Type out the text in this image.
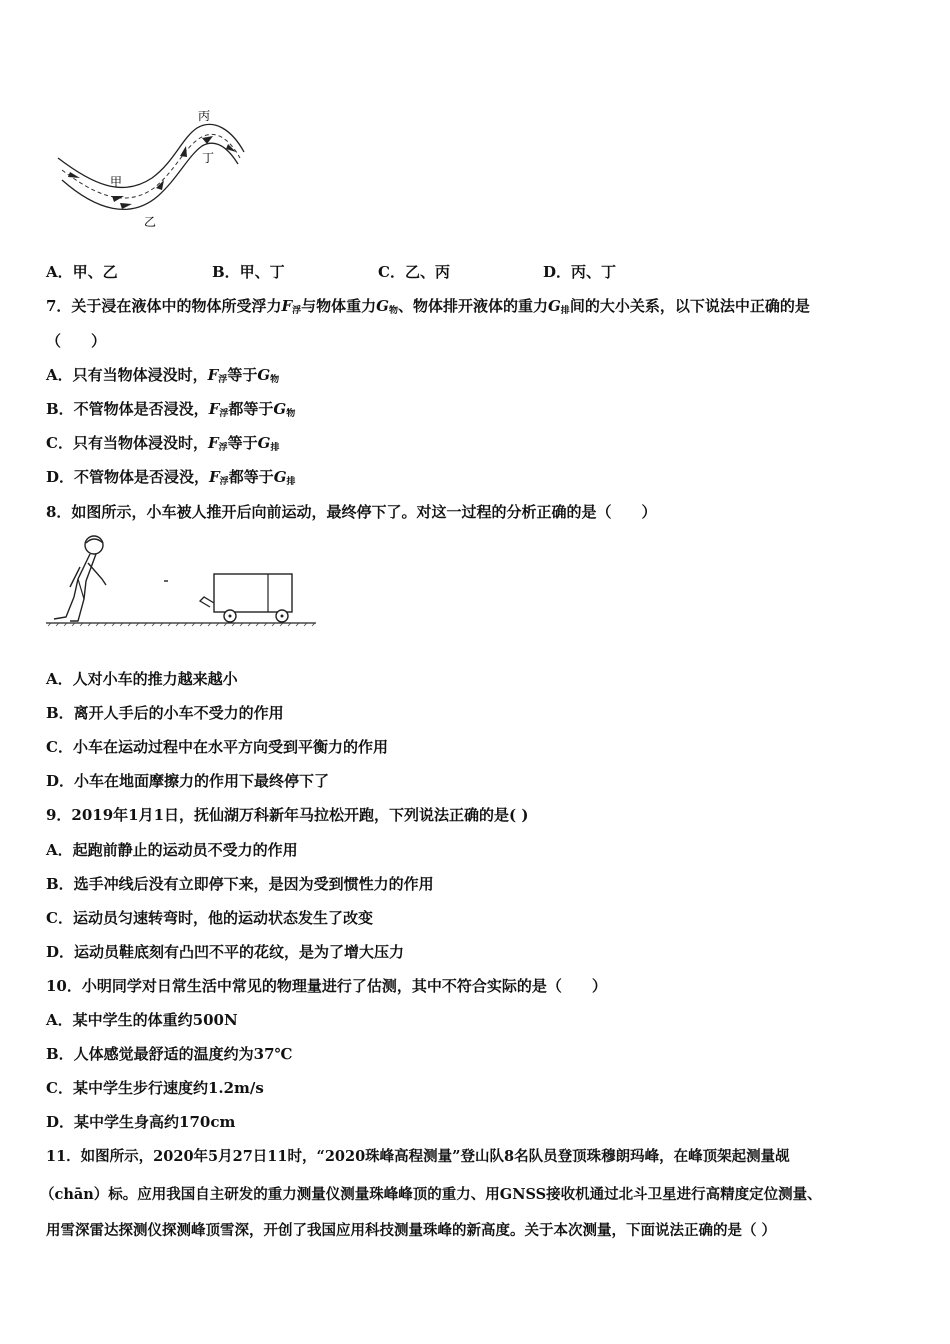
丙
丁
甲
乙
A．甲、乙	B．甲、丁	C．乙、丙	D．丙、丁
7．关于浸在液体中的物体所受浮力$F_浮$与物体重力$G_物$、物体排开液体的重力$G_排$间的大小关系，以下说法中正确的是
（　　）
A．只有当物体浸没时，$F_浮$等于$G_物$
B．不管物体是否浸没，$F_浮$都等于$G_物$
C．只有当物体浸没时，$F_浮$等于$G_排$
D．不管物体是否浸没，$F_浮$都等于$G_排$
8．如图所示，小车被人推开后向前运动，最终停下了。对这一过程的分析正确的是（　　）
A．人对小车的推力越来越小
B．离开人手后的小车不受力的作用
C．小车在运动过程中在水平方向受到平衡力的作用
D．小车在地面摩擦力的作用下最终停下了
9．2019年1月1日，抚仙湖万科新年马拉松开跑，下列说法正确的是( )
A．起跑前静止的运动员不受力的作用
B．选手冲线后没有立即停下来，是因为受到惯性力的作用
C．运动员匀速转弯时，他的运动状态发生了改变
D．运动员鞋底刻有凸凹不平的花纹，是为了增大压力
10．小明同学对日常生活中常见的物理量进行了估测，其中不符合实际的是（　　）
A．某中学生的体重约500N
B．人体感觉最舒适的温度约为37℃
C．某中学生步行速度约1.2m/s
D．某中学生身高约170cm
11．如图所示，2020年5月27日11时，“2020珠峰高程测量”登山队8名队员登顶珠穆朗玛峰，在峰顶架起测量觇
（chān）标。应用我国自主研发的重力测量仪测量珠峰峰顶的重力、用GNSS接收机通过北斗卫星进行高精度定位测量、
用雪深雷达探测仪探测峰顶雪深，开创了我国应用科技测量珠峰的新高度。关于本次测量，下面说法正确的是（ ）
